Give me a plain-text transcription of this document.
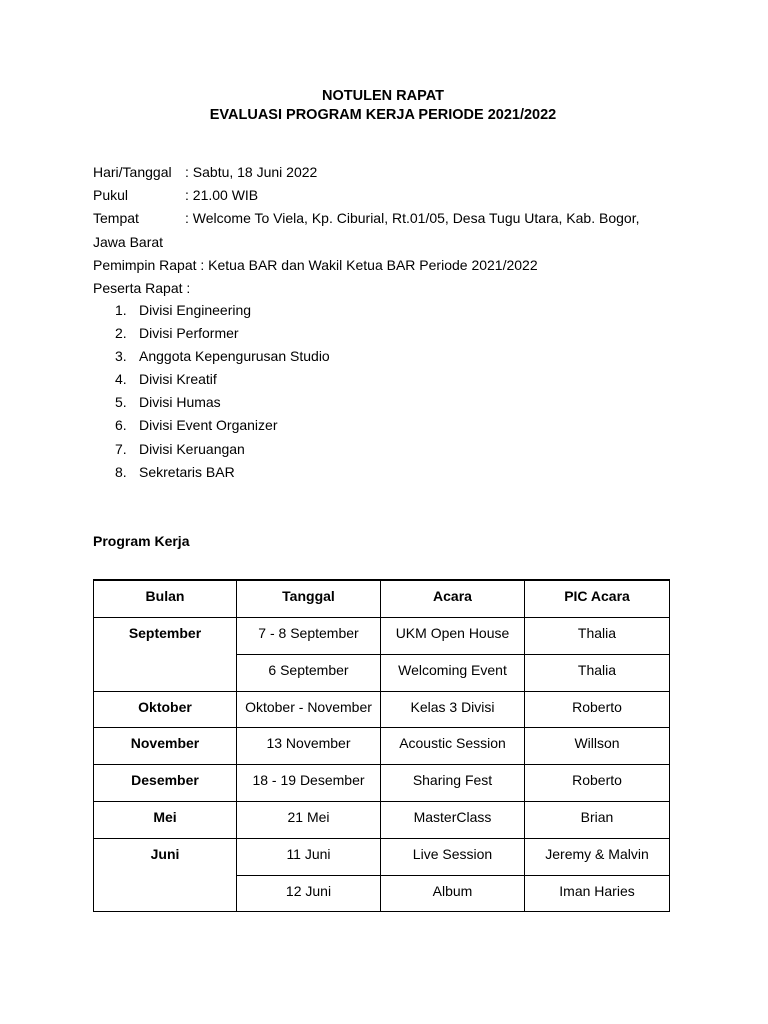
NOTULEN RAPAT
EVALUASI PROGRAM KERJA PERIODE 2021/2022
Hari/Tanggal : Sabtu, 18 Juni 2022
Pukul	: 21.00 WIB
Tempat	: Welcome To Viela, Kp. Ciburial, Rt.01/05, Desa Tugu Utara, Kab. Bogor,
Jawa Barat
Pemimpin Rapat : Ketua BAR dan Wakil Ketua BAR Periode 2021/2022
Peserta Rapat :
1. Divisi Engineering
2. Divisi Performer
3. Anggota Kepengurusan Studio
4. Divisi Kreatif
5. Divisi Humas
6. Divisi Event Organizer
7. Divisi Keruangan
8. Sekretaris BAR
Program Kerja
Bulan	Tanggal	Acara	PIC Acara
September	7 - 8 September	UKM Open House	Thalia
	6 September	Welcoming Event	Thalia
Oktober	Oktober - November	Kelas 3 Divisi	Roberto
November	13 November	Acoustic Session	Willson
Desember	18 - 19 Desember	Sharing Fest	Roberto
Mei	21 Mei	MasterClass	Brian
Juni	11 Juni	Live Session	Jeremy & Malvin
	12 Juni	Album	Iman Haries
